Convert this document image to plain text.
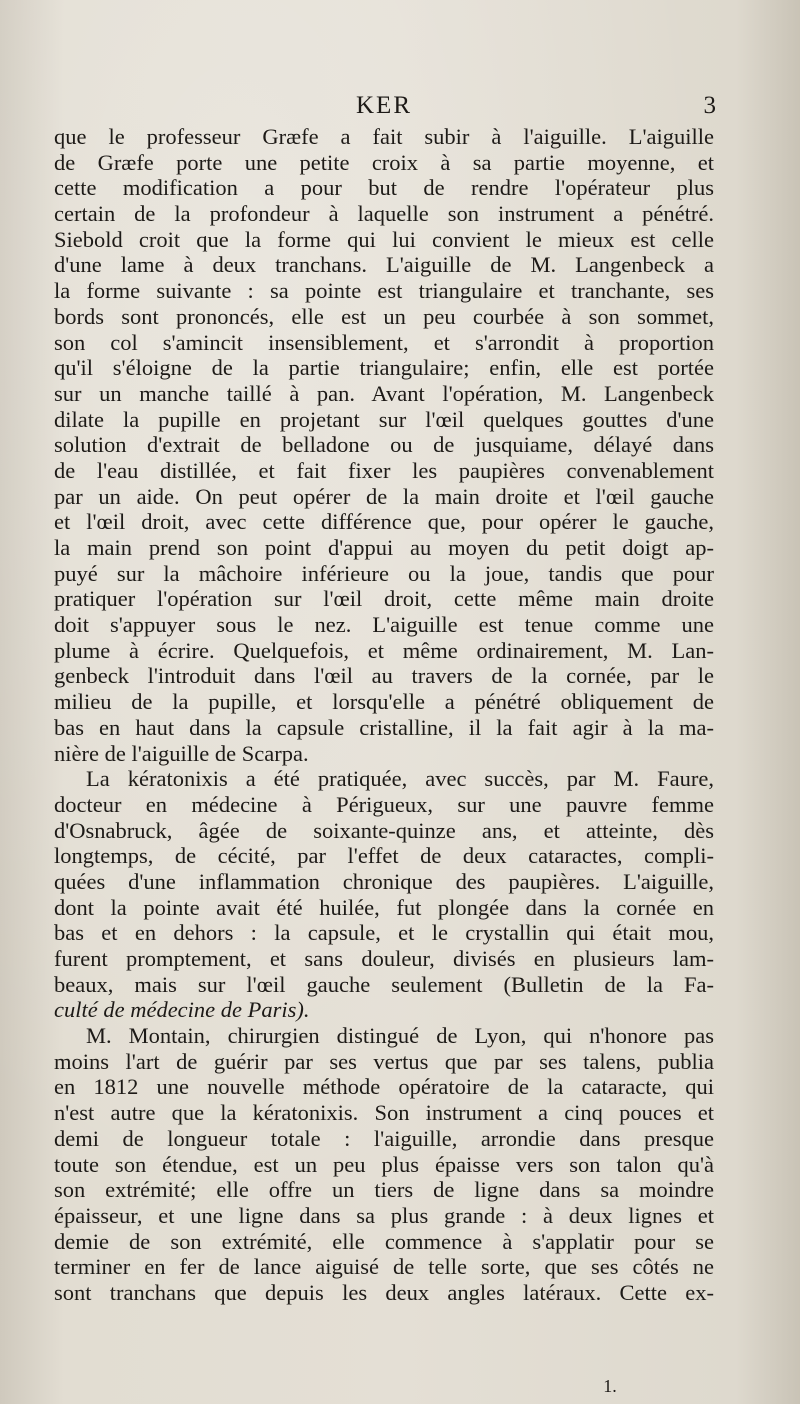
KER	3
que le professeur Græfe a fait subir à l'aiguille. L'aiguille
de Græfe porte une petite croix à sa partie moyenne, et
cette modification a pour but de rendre l'opérateur plus
certain de la profondeur à laquelle son instrument a pénétré.
Siebold croit que la forme qui lui convient le mieux est celle
d'une lame à deux tranchans. L'aiguille de M. Langenbeck a
la forme suivante : sa pointe est triangulaire et tranchante, ses
bords sont prononcés, elle est un peu courbée à son sommet,
son col s'amincit insensiblement, et s'arrondit à proportion
qu'il s'éloigne de la partie triangulaire; enfin, elle est portée
sur un manche taillé à pan. Avant l'opération, M. Langenbeck
dilate la pupille en projetant sur l'œil quelques gouttes d'une
solution d'extrait de belladone ou de jusquiame, délayé dans
de l'eau distillée, et fait fixer les paupières convenablement
par un aide. On peut opérer de la main droite et l'œil gauche
et l'œil droit, avec cette différence que, pour opérer le gauche,
la main prend son point d'appui au moyen du petit doigt ap-
puyé sur la mâchoire inférieure ou la joue, tandis que pour
pratiquer l'opération sur l'œil droit, cette même main droite
doit s'appuyer sous le nez. L'aiguille est tenue comme une
plume à écrire. Quelquefois, et même ordinairement, M. Lan-
genbeck l'introduit dans l'œil au travers de la cornée, par le
milieu de la pupille, et lorsqu'elle a pénétré obliquement de
bas en haut dans la capsule cristalline, il la fait agir à la ma-
nière de l'aiguille de Scarpa.
La kératonixis a été pratiquée, avec succès, par M. Faure,
docteur en médecine à Périgueux, sur une pauvre femme
d'Osnabruck, âgée de soixante-quinze ans, et atteinte, dès
longtemps, de cécité, par l'effet de deux cataractes, compli-
quées d'une inflammation chronique des paupières. L'aiguille,
dont la pointe avait été huilée, fut plongée dans la cornée en
bas et en dehors : la capsule, et le crystallin qui était mou,
furent promptement, et sans douleur, divisés en plusieurs lam-
beaux, mais sur l'œil gauche seulement (Bulletin de la Fa-
culté de médecine de Paris).
M. Montain, chirurgien distingué de Lyon, qui n'honore pas
moins l'art de guérir par ses vertus que par ses talens, publia
en 1812 une nouvelle méthode opératoire de la cataracte, qui
n'est autre que la kératonixis. Son instrument a cinq pouces et
demi de longueur totale : l'aiguille, arrondie dans presque
toute son étendue, est un peu plus épaisse vers son talon qu'à
son extrémité; elle offre un tiers de ligne dans sa moindre
épaisseur, et une ligne dans sa plus grande : à deux lignes et
demie de son extrémité, elle commence à s'applatir pour se
terminer en fer de lance aiguisé de telle sorte, que ses côtés ne
sont tranchans que depuis les deux angles latéraux. Cette ex-
1.
